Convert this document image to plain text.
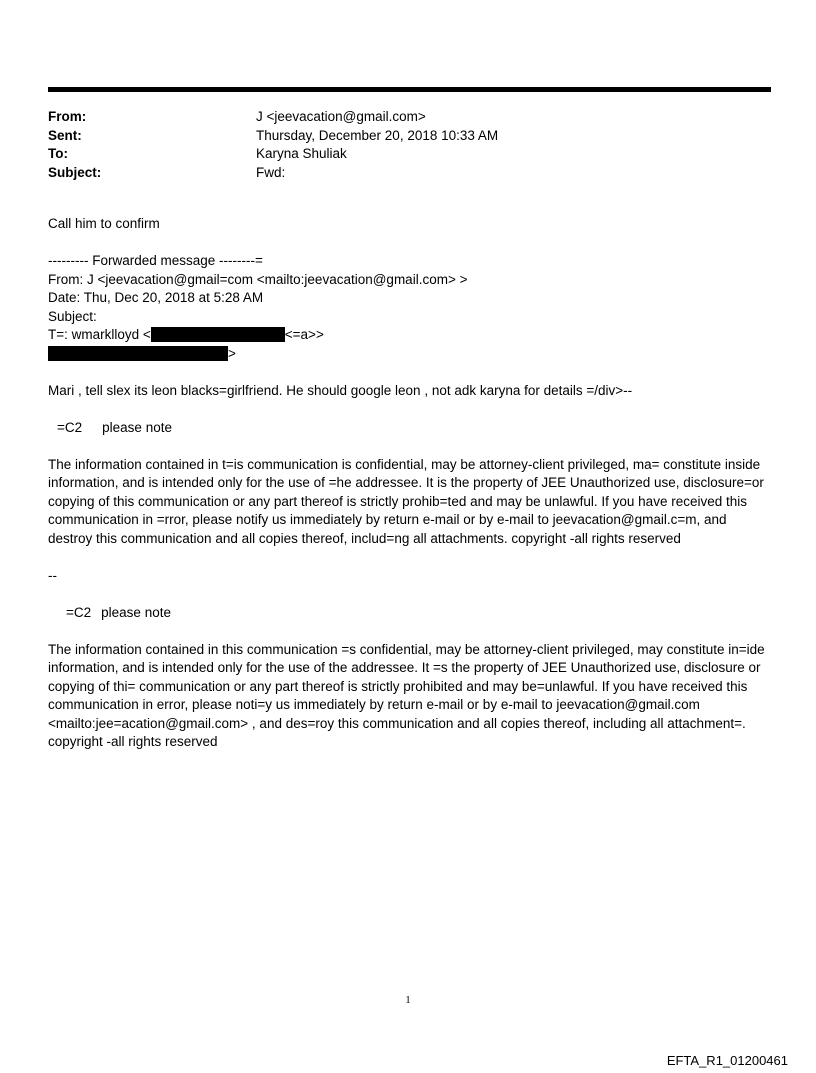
From:	J <jeevacation@gmail.com>
Sent:	Thursday, December 20, 2018 10:33 AM
To:	Karyna Shuliak
Subject:	Fwd:

Call him to confirm

--------- Forwarded message --------=

From: J <jeevacation@gmail=com <mailto:jeevacation@gmail.com> >

Date: Thu, Dec 20, 2018 at 5:28 AM

Subject:

T=: wmarklloyd <	<=a>>

>

Mari , tell slex its leon blacks=girlfriend. He should google leon , not adk karyna for details =/div>--

=C2 please note

The information contained in t=is communication is confidential, may be attorney-client privileged, ma= constitute inside information, and is intended only for the use of =he addressee. It is the property of JEE Unauthorized use, disclosure=or copying of this communication or any part thereof is strictly prohib=ted and may be unlawful. If you have received this communication in =rror, please notify us immediately by return e-mail or by e-mail to jeevacation@gmail.c=m, and destroy this communication and all copies thereof, includ=ng all attachments. copyright -all rights reserved

--

=C2 please note

The information contained in this communication =s confidential, may be attorney-client privileged, may constitute in=ide information, and is intended only for the use of the addressee. It =s the property of JEE Unauthorized use, disclosure or copying of thi= communication or any part thereof is strictly prohibited and may be=unlawful. If you have received this communication in error, please noti=y us immediately by return e-mail or by e-mail to jeevacation@gmail.com <mailto:jee=acation@gmail.com> , and des=roy this communication and all copies thereof, including all attachment=. copyright -all rights reserved

1
EFTA_R1_01200461
